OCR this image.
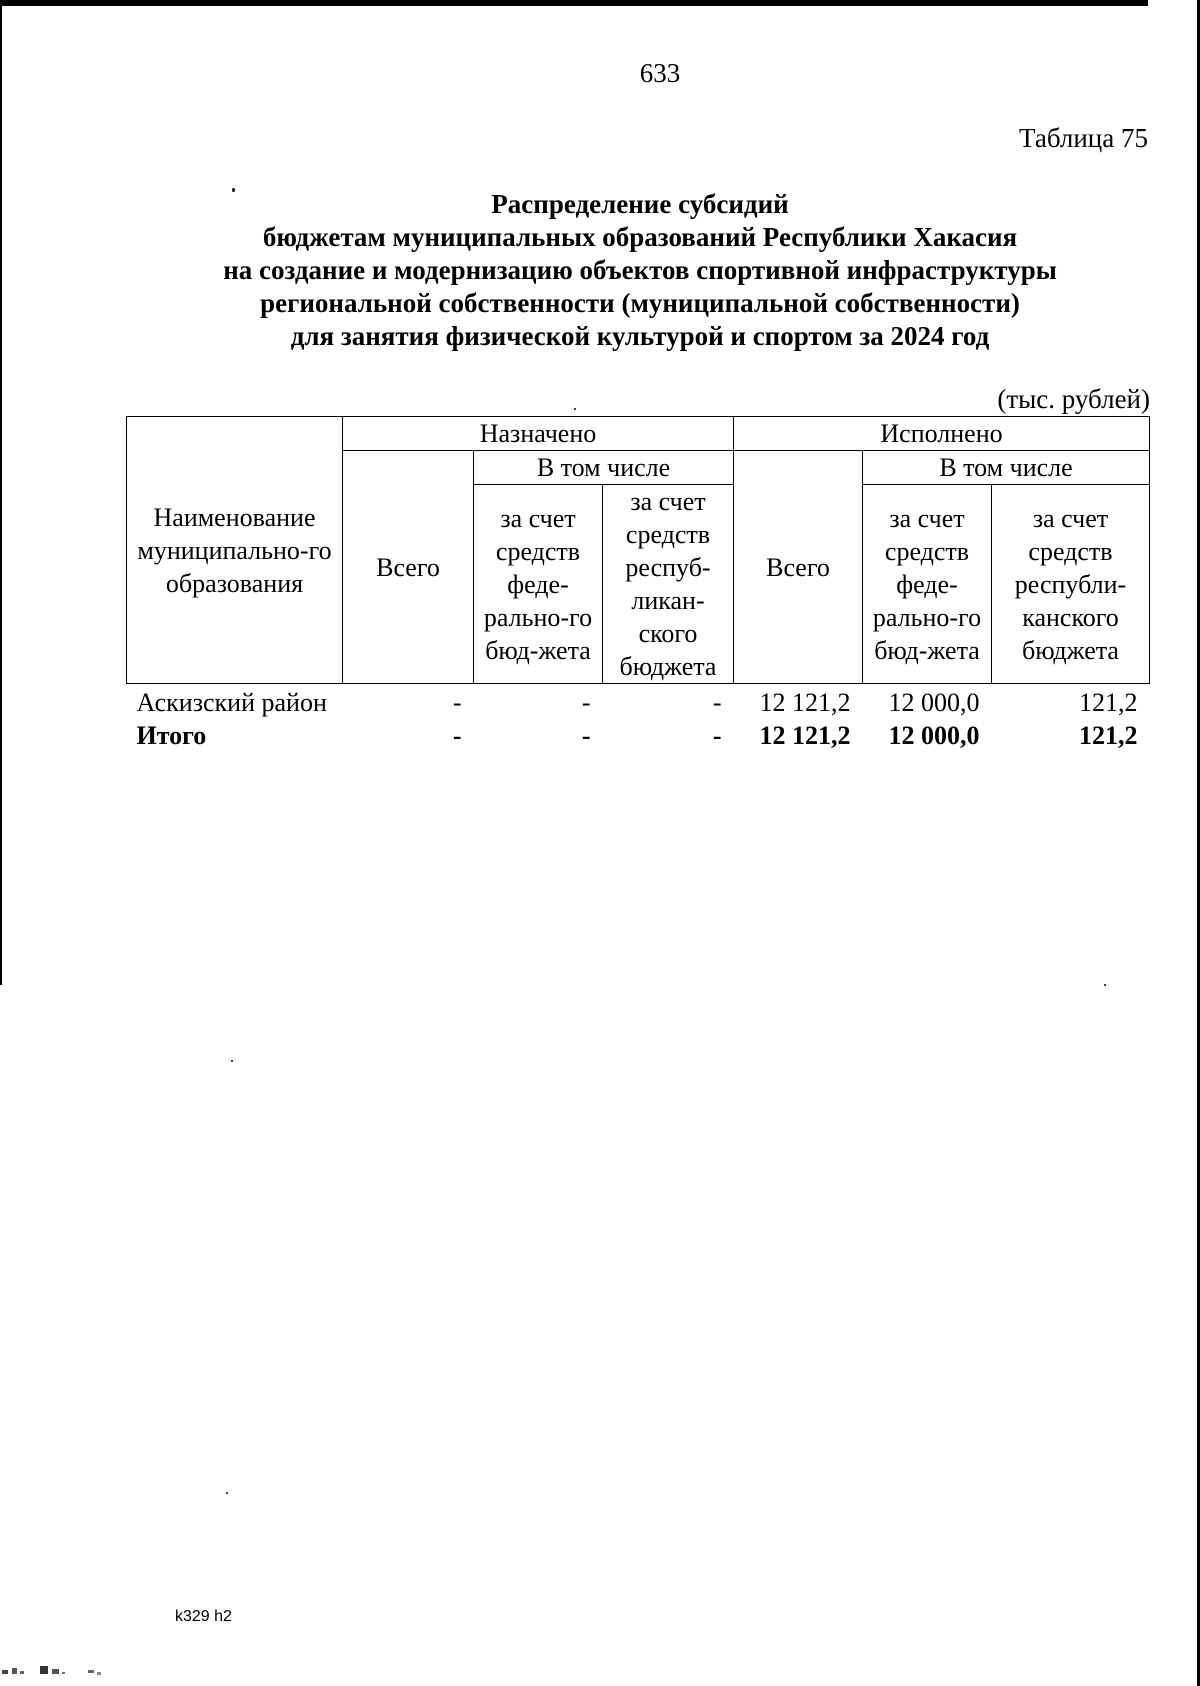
633
Таблица 75
Распределение субсидий
бюджетам муниципальных образований Республики Хакасия
на создание и модернизацию объектов спортивной инфраструктуры
региональной собственности (муниципальной собственности)
для занятия физической культурой и спортом за 2024 год
(тыс. рублей)
Наименование муниципально-го образования	Назначено			Исполнено		
	Всего	В том числе		Всего	В том числе	
		за счет средств феде-рально-го бюд-жета	за счет средств респуб-ликан-ского бюджета		за счет средств феде-рально-го бюд-жета	за счет средств республи-канского бюджета
Аскизский район	-	-	-	12 121,2	12 000,0	121,2
Итого	-	-	-	12 121,2	12 000,0	121,2
k329 h2
